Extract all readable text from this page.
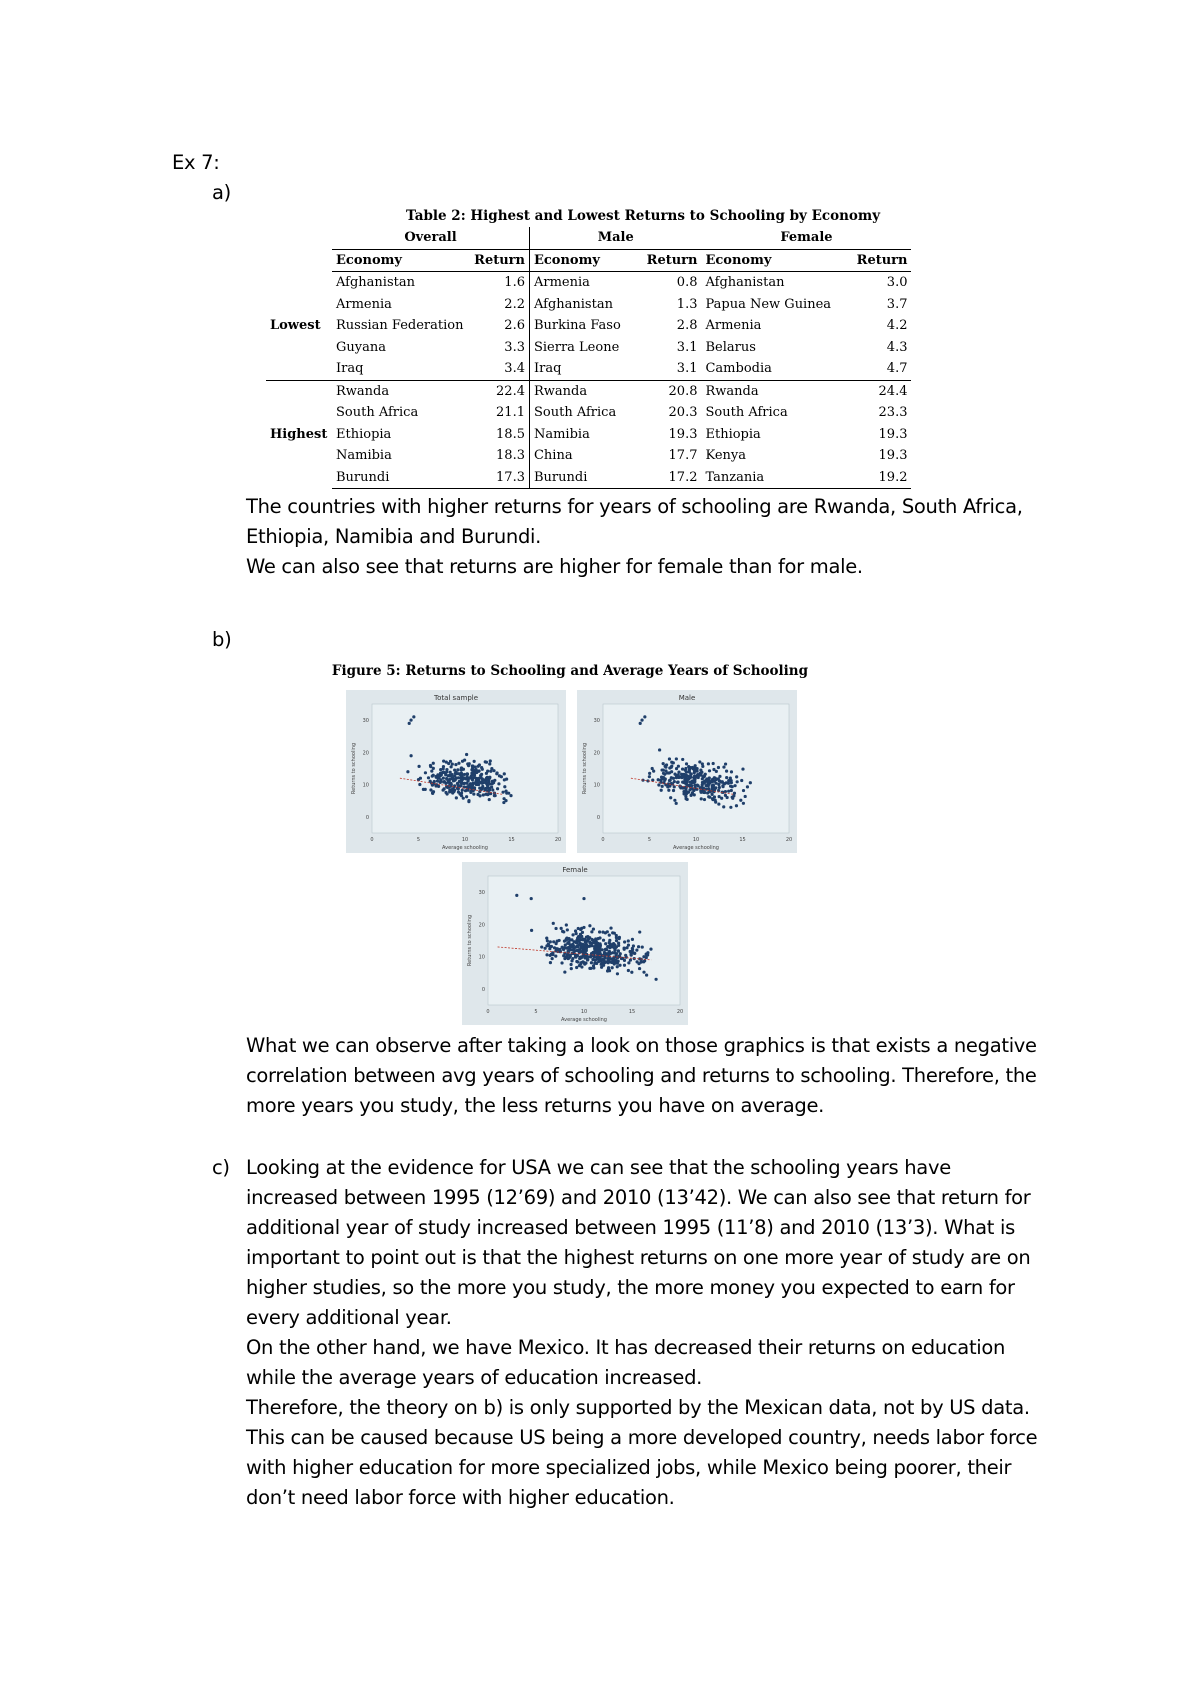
Ex 7:
a)
Table 2: Highest and Lowest Returns to Schooling by Economy
	Overall		Male		Female	
	Economy	Return	Economy	Return	Economy	Return
Lowest	Afghanistan	1.6	Armenia	0.8	Afghanistan	3.0
	Armenia	2.2	Afghanistan	1.3	Papua New Guinea	3.7
	Russian Federation	2.6	Burkina Faso	2.8	Armenia	4.2
	Guyana	3.3	Sierra Leone	3.1	Belarus	4.3
	Iraq	3.4	Iraq	3.1	Cambodia	4.7
Highest	Rwanda	22.4	Rwanda	20.8	Rwanda	24.4
	South Africa	21.1	South Africa	20.3	South Africa	23.3
	Ethiopia	18.5	Namibia	19.3	Ethiopia	19.3
	Namibia	18.3	China	17.7	Kenya	19.3
	Burundi	17.3	Burundi	17.2	Tanzania	19.2

The countries with higher returns for years of schooling are Rwanda, South Africa, Ethiopia, Namibia and Burundi.

We can also see that returns are higher for female than for male.

b)
Figure 5: Returns to Schooling and Average Years of Schooling
Total sample
0	5	10	15	20
0
10
20
30
Average schooling
Returns to schooling
Male
0	5	10	15	20
0
10
20
30
Average schooling
Returns to schooling
Female
0	5	10	15	20
0
10
20
30
Average schooling
Returns to schooling

What we can observe after taking a look on those graphics is that exists a negative correlation between avg years of schooling and returns to schooling. Therefore, the more years you study, the less returns you have on average.

c) Looking at the evidence for USA we can see that the schooling years have increased between 1995 (12’69) and 2010 (13’42). We can also see that return for additional year of study increased between 1995 (11’8) and 2010 (13’3). What is important to point out is that the highest returns on one more year of study are on higher studies, so the more you study, the more money you expected to earn for every additional year.

On the other hand, we have Mexico. It has decreased their returns on education while the average years of education increased.

Therefore, the theory on b) is only supported by the Mexican data, not by US data.

This can be caused because US being a more developed country, needs labor force with higher education for more specialized jobs, while Mexico being poorer, their don’t need labor force with higher education.
